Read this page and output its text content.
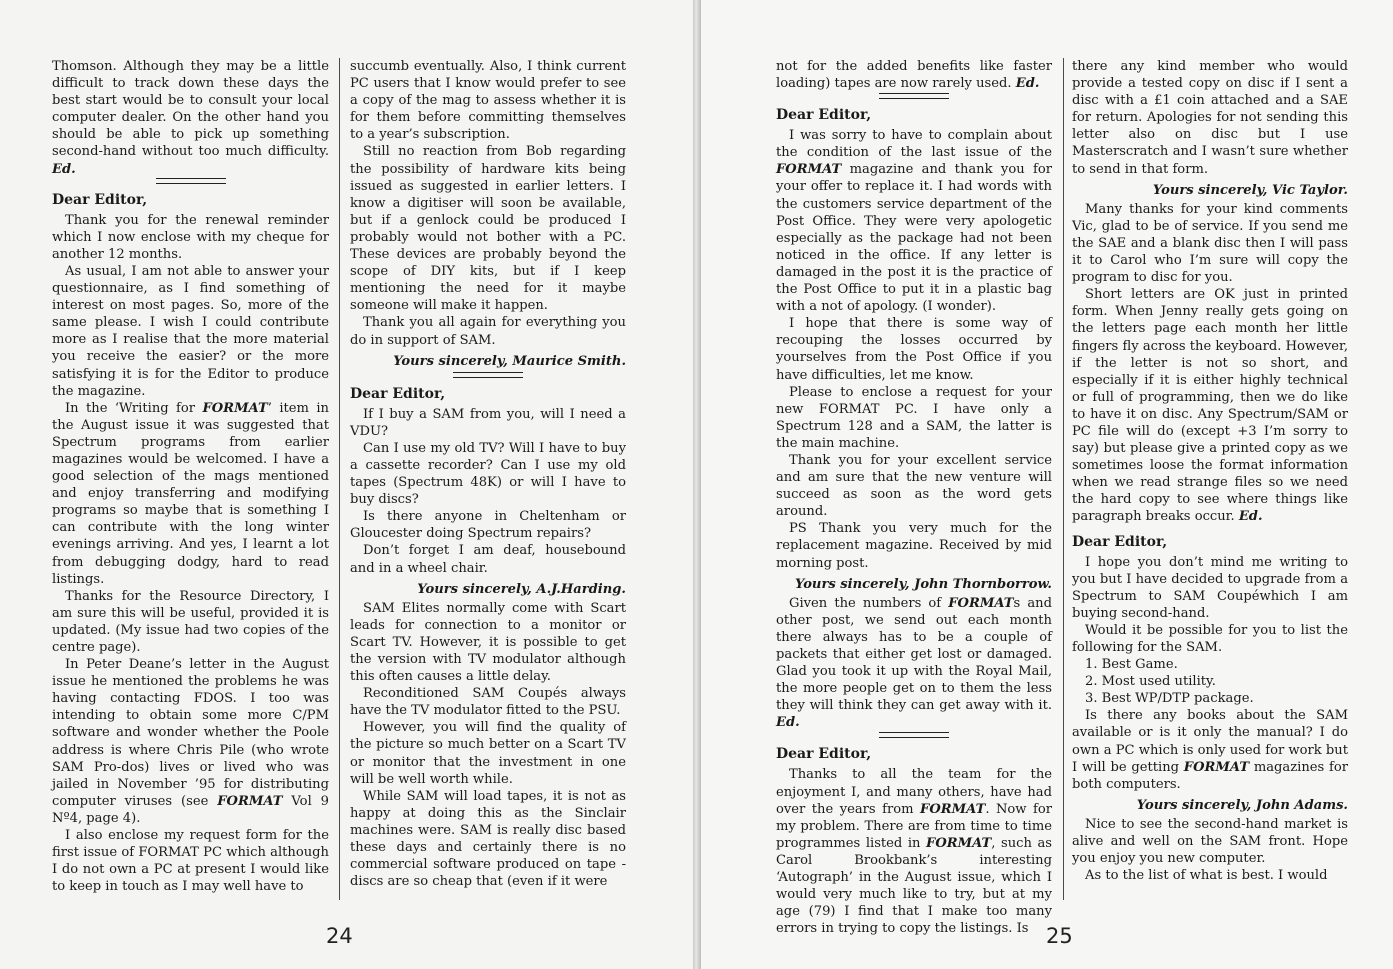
Thomson. Although they may be a little difficult to track down these days the best start would be to consult your local computer dealer. On the other hand you should be able to pick up something second-hand without too much difficulty. Ed.

Dear Editor,

Thank you for the renewal reminder which I now enclose with my cheque for another 12 months.

As usual, I am not able to answer your questionnaire, as I find something of interest on most pages. So, more of the same please. I wish I could contribute more as I realise that the more material you receive the easier? or the more satisfying it is for the Editor to produce the magazine.

In the ‘Writing for FORMAT’ item in the August issue it was suggested that Spectrum programs from earlier magazines would be welcomed. I have a good selection of the mags mentioned and enjoy transferring and modifying programs so maybe that is something I can contribute with the long winter evenings arriving. And yes, I learnt a lot from debugging dodgy, hard to read listings.

Thanks for the Resource Directory, I am sure this will be useful, provided it is updated. (My issue had two copies of the centre page).

In Peter Deane’s letter in the August issue he mentioned the problems he was having contacting FDOS. I too was intending to obtain some more C/PM software and wonder whether the Poole address is where Chris Pile (who wrote SAM Pro-dos) lives or lived who was jailed in November ’95 for distributing computer viruses (see FORMAT Vol 9 Nº4, page 4).

I also enclose my request form for the first issue of FORMAT PC which although I do not own a PC at present I would like to keep in touch as I may well have to

succumb eventually. Also, I think current PC users that I know would prefer to see a copy of the mag to assess whether it is for them before committing themselves to a year’s subscription.

Still no reaction from Bob regarding the possibility of hardware kits being issued as suggested in earlier letters. I know a digitiser will soon be available, but if a genlock could be produced I probably would not bother with a PC. These devices are probably beyond the scope of DIY kits, but if I keep mentioning the need for it maybe someone will make it happen.

Thank you all again for everything you do in support of SAM.

Yours sincerely, Maurice Smith.

Dear Editor,

If I buy a SAM from you, will I need a VDU?

Can I use my old TV? Will I have to buy a cassette recorder? Can I use my old tapes (Spectrum 48K) or will I have to buy discs?

Is there anyone in Cheltenham or Gloucester doing Spectrum repairs?

Don’t forget I am deaf, housebound and in a wheel chair.

Yours sincerely, A.J.Harding.

SAM Elites normally come with Scart leads for connection to a monitor or Scart TV. However, it is possible to get the version with TV modulator although this often causes a little delay.

Reconditioned SAM Coupés always have the TV modulator fitted to the PSU.

However, you will find the quality of the picture so much better on a Scart TV or monitor that the investment in one will be well worth while.

While SAM will load tapes, it is not as happy at doing this as the Sinclair machines were. SAM is really disc based these days and certainly there is no commercial software produced on tape - discs are so cheap that (even if it were

24

not for the added benefits like faster loading) tapes are now rarely used. Ed.

Dear Editor,

I was sorry to have to complain about the condition of the last issue of the FORMAT magazine and thank you for your offer to replace it. I had words with the customers service department of the Post Office. They were very apologetic especially as the package had not been noticed in the office. If any letter is damaged in the post it is the practice of the Post Office to put it in a plastic bag with a not of apology. (I wonder).

I hope that there is some way of recouping the losses occurred by yourselves from the Post Office if you have difficulties, let me know.

Please to enclose a request for your new FORMAT PC. I have only a Spectrum 128 and a SAM, the latter is the main machine.

Thank you for your excellent service and am sure that the new venture will succeed as soon as the word gets around.

PS Thank you very much for the replacement magazine. Received by mid morning post.

Yours sincerely, John Thornborrow.

Given the numbers of FORMATs and other post, we send out each month there always has to be a couple of packets that either get lost or damaged. Glad you took it up with the Royal Mail, the more people get on to them the less they will think they can get away with it. Ed.

Dear Editor,

Thanks to all the team for the enjoyment I, and many others, have had over the years from FORMAT. Now for my problem. There are from time to time programmes listed in FORMAT, such as Carol Brookbank’s interesting ‘Autograph’ in the August issue, which I would very much like to try, but at my age (79) I find that I make too many errors in trying to copy the listings. Is

there any kind member who would provide a tested copy on disc if I sent a disc with a £1 coin attached and a SAE for return. Apologies for not sending this letter also on disc but I use Masterscratch and I wasn’t sure whether to send in that form.

Yours sincerely, Vic Taylor.

Many thanks for your kind comments Vic, glad to be of service. If you send me the SAE and a blank disc then I will pass it to Carol who I’m sure will copy the program to disc for you.

Short letters are OK just in printed form. When Jenny really gets going on the letters page each month her little fingers fly across the keyboard. However, if the letter is not so short, and especially if it is either highly technical or full of programming, then we do like to have it on disc. Any Spectrum/SAM or PC file will do (except +3 I’m sorry to say) but please give a printed copy as we sometimes loose the format information when we read strange files so we need the hard copy to see where things like paragraph breaks occur. Ed.

Dear Editor,

I hope you don’t mind me writing to you but I have decided to upgrade from a Spectrum to SAM Coupéwhich I am buying second-hand.

Would it be possible for you to list the following for the SAM.

1. Best Game.

2. Most used utility.

3. Best WP/DTP package.

Is there any books about the SAM available or is it only the manual? I do own a PC which is only used for work but I will be getting FORMAT magazines for both computers.

Yours sincerely, John Adams.

Nice to see the second-hand market is alive and well on the SAM front. Hope you enjoy you new computer.

As to the list of what is best. I would

25
